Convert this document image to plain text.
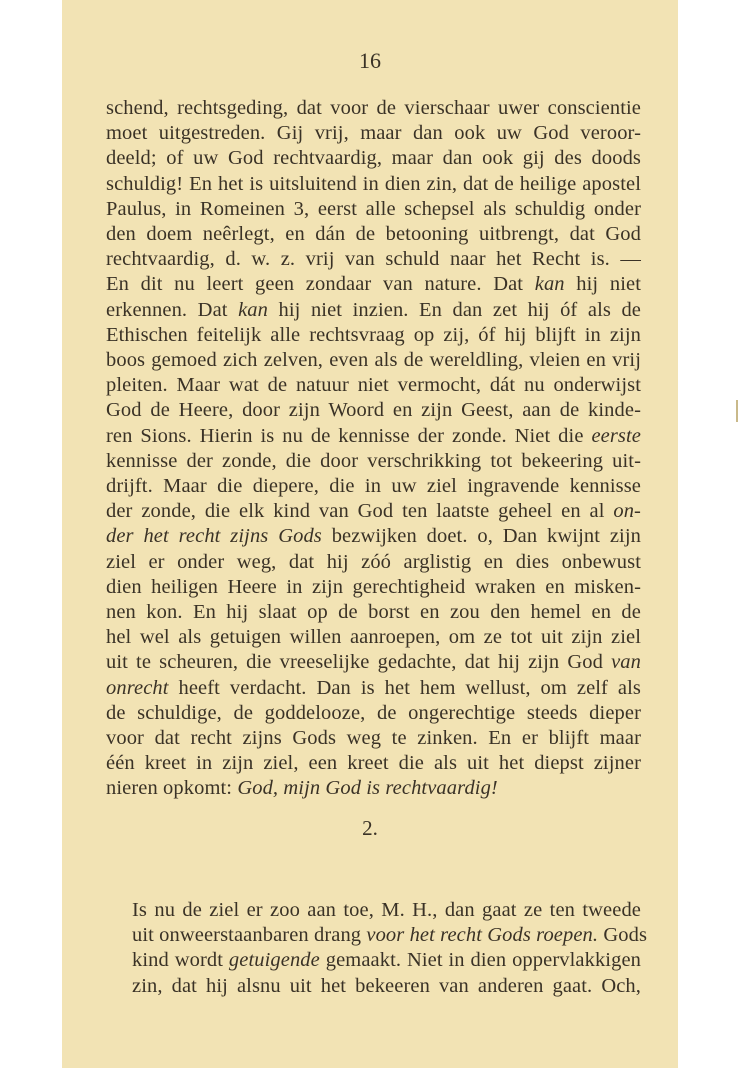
16
schend, rechtsgeding, dat voor de vierschaar uwer conscientie
moet uitgestreden. Gij vrij, maar dan ook uw God veroor-
deeld; of uw God rechtvaardig, maar dan ook gij des doods
schuldig! En het is uitsluitend in dien zin, dat de heilige apostel
Paulus, in Romeinen 3, eerst alle schepsel als schuldig onder
den doem neêrlegt, en dán de betooning uitbrengt, dat God
rechtvaardig, d. w. z. vrij van schuld naar het Recht is. —
En dit nu leert geen zondaar van nature. Dat kan hij niet
erkennen. Dat kan hij niet inzien. En dan zet hij óf als de
Ethischen feitelijk alle rechtsvraag op zij, óf hij blijft in zijn
boos gemoed zich zelven, even als de wereldling, vleien en vrij
pleiten. Maar wat de natuur niet vermocht, dát nu onderwijst
God de Heere, door zijn Woord en zijn Geest, aan de kinde-
ren Sions. Hierin is nu de kennisse der zonde. Niet die eerste
kennisse der zonde, die door verschrikking tot bekeering uit-
drijft. Maar die diepere, die in uw ziel ingravende kennisse
der zonde, die elk kind van God ten laatste geheel en al on-
der het recht zijns Gods bezwijken doet. o, Dan kwijnt zijn
ziel er onder weg, dat hij zóó arglistig en dies onbewust
dien heiligen Heere in zijn gerechtigheid wraken en misken-
nen kon. En hij slaat op de borst en zou den hemel en de
hel wel als getuigen willen aanroepen, om ze tot uit zijn ziel
uit te scheuren, die vreeselijke gedachte, dat hij zijn God van
onrecht heeft verdacht. Dan is het hem wellust, om zelf als
de schuldige, de goddelooze, de ongerechtige steeds dieper
voor dat recht zijns Gods weg te zinken. En er blijft maar
één kreet in zijn ziel, een kreet die als uit het diepst zijner
nieren opkomt: God, mijn God is rechtvaardig!
2.
Is nu de ziel er zoo aan toe, M. H., dan gaat ze ten tweede
uit onweerstaanbaren drang voor het recht Gods roepen. Gods
kind wordt getuigende gemaakt. Niet in dien oppervlakkigen
zin, dat hij alsnu uit het bekeeren van anderen gaat. Och,
